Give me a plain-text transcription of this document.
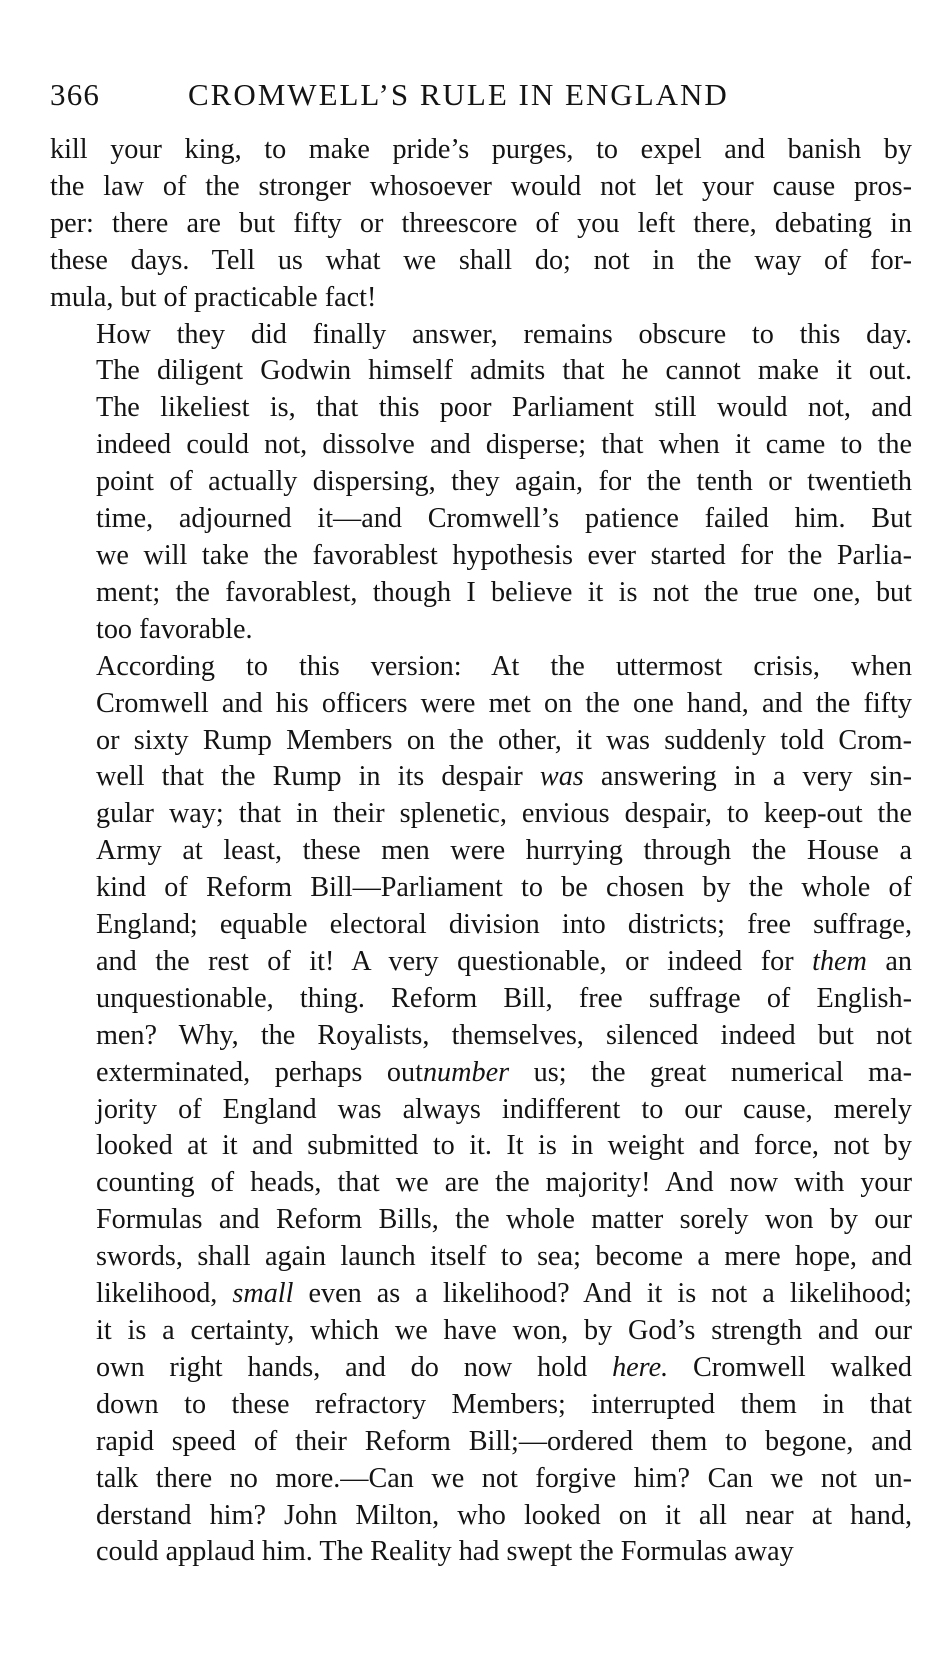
366	CROMWELL’S RULE IN ENGLAND
kill your king, to make pride’s purges, to expel and banish by
the law of the stronger whosoever would not let your cause pros-
per: there are but fifty or threescore of you left there, debating in
these days. Tell us what we shall do; not in the way of for-
mula, but of practicable fact!
How they did finally answer, remains obscure to this day.
The diligent Godwin himself admits that he cannot make it out.
The likeliest is, that this poor Parliament still would not, and
indeed could not, dissolve and disperse; that when it came to the
point of actually dispersing, they again, for the tenth or twentieth
time, adjourned it—and Cromwell’s patience failed him. But
we will take the favorablest hypothesis ever started for the Parlia-
ment; the favorablest, though I believe it is not the true one, but
too favorable.
According to this version: At the uttermost crisis, when
Cromwell and his officers were met on the one hand, and the fifty
or sixty Rump Members on the other, it was suddenly told Crom-
well that the Rump in its despair was answering in a very sin-
gular way; that in their splenetic, envious despair, to keep-out the
Army at least, these men were hurrying through the House a
kind of Reform Bill—Parliament to be chosen by the whole of
England; equable electoral division into districts; free suffrage,
and the rest of it! A very questionable, or indeed for them an
unquestionable, thing. Reform Bill, free suffrage of English-
men? Why, the Royalists, themselves, silenced indeed but not
exterminated, perhaps outnumber us; the great numerical ma-
jority of England was always indifferent to our cause, merely
looked at it and submitted to it. It is in weight and force, not by
counting of heads, that we are the majority! And now with your
Formulas and Reform Bills, the whole matter sorely won by our
swords, shall again launch itself to sea; become a mere hope, and
likelihood, small even as a likelihood? And it is not a likelihood;
it is a certainty, which we have won, by God’s strength and our
own right hands, and do now hold here. Cromwell walked
down to these refractory Members; interrupted them in that
rapid speed of their Reform Bill;—ordered them to begone, and
talk there no more.—Can we not forgive him? Can we not un-
derstand him? John Milton, who looked on it all near at hand,
could applaud him. The Reality had swept the Formulas away
